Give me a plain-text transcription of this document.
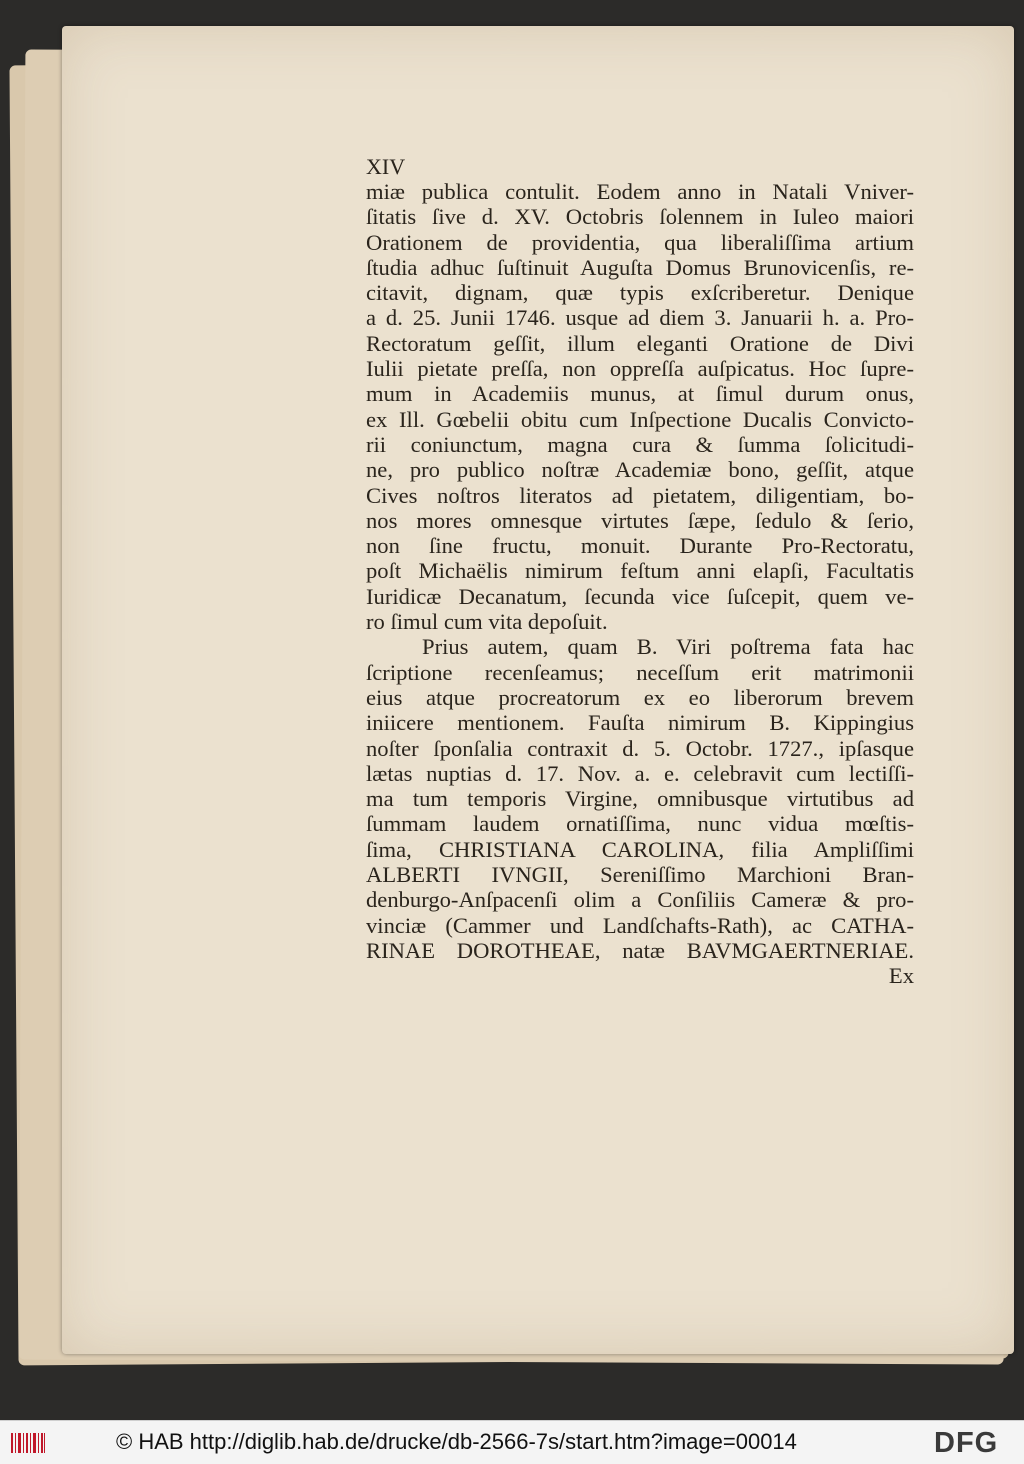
XIV
miæ publica contulit. Eodem anno in Natali Vniver-
ſitatis ſive d. XV. Octobris ſolennem in Iuleo maiori
Orationem de providentia, qua liberaliſſima artium
ſtudia adhuc ſuſtinuit Auguſta Domus Brunovicenſis, re-
citavit, dignam, quæ typis exſcriberetur. Denique
a d. 25. Junii 1746. usque ad diem 3. Januarii h. a. Pro-
Rectoratum geſſit, illum eleganti Oratione de Divi
Iulii pietate preſſa, non oppreſſa auſpicatus. Hoc ſupre-
mum in Academiis munus, at ſimul durum onus,
ex Ill. Gœbelii obitu cum Inſpectione Ducalis Convicto-
rii coniunctum, magna cura & ſumma ſolicitudi-
ne, pro publico noſtræ Academiæ bono, geſſit, atque
Cives noſtros literatos ad pietatem, diligentiam, bo-
nos mores omnesque virtutes ſæpe, ſedulo & ſerio,
non ſine fructu, monuit. Durante Pro-Rectoratu,
poſt Michaëlis nimirum feſtum anni elapſi, Facultatis
Iuridicæ Decanatum, ſecunda vice ſuſcepit, quem ve-
ro ſimul cum vita depoſuit.
Prius autem, quam B. Viri poſtrema fata hac
ſcriptione recenſeamus; neceſſum erit matrimonii
eius atque procreatorum ex eo liberorum brevem
iniicere mentionem. Fauſta nimirum B. Kippingius
noſter ſponſalia contraxit d. 5. Octobr. 1727., ipſasque
lætas nuptias d. 17. Nov. a. e. celebravit cum lectiſſi-
ma tum temporis Virgine, omnibusque virtutibus ad
ſummam laudem ornatiſſima, nunc vidua mœſtis-
ſima, CHRISTIANA CAROLINA, filia Ampliſſimi
ALBERTI IVNGII, Sereniſſimo Marchioni Bran-
denburgo-Anſpacenſi olim a Conſiliis Cameræ & pro-
vinciæ (Cammer und Landſchafts-Rath), ac CATHA-
RINAE DOROTHEAE, natæ BAVMGAERTNERIAE.
Ex
© HAB http://diglib.hab.de/drucke/db-2566-7s/start.htm?image=00014	DFG
